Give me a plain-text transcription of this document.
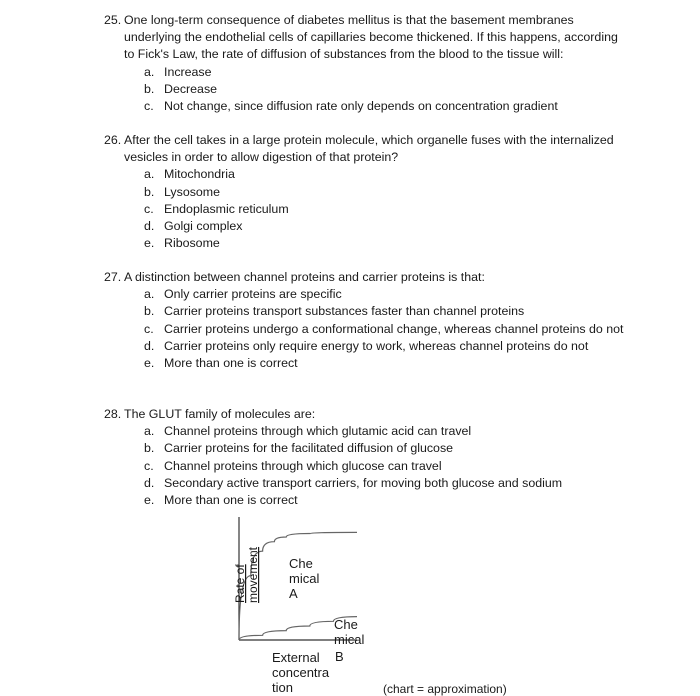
25. One long-term consequence of diabetes mellitus is that the basement membranes underlying the endothelial cells of capillaries become thickened. If this happens, according to Fick's Law, the rate of diffusion of substances from the blood to the tissue will:
a. Increase
b. Decrease
c. Not change, since diffusion rate only depends on concentration gradient
26. After the cell takes in a large protein molecule, which organelle fuses with the internalized vesicles in order to allow digestion of that protein?
a. Mitochondria
b. Lysosome
c. Endoplasmic reticulum
d. Golgi complex
e. Ribosome
27. A distinction between channel proteins and carrier proteins is that:
a. Only carrier proteins are specific
b. Carrier proteins transport substances faster than channel proteins
c. Carrier proteins undergo a conformational change, whereas channel proteins do not
d. Carrier proteins only require energy to work, whereas channel proteins do not
e. More than one is correct
28. The GLUT family of molecules are:
a. Channel proteins through which glutamic acid can travel
b. Carrier proteins for the facilitated diffusion of glucose
c. Channel proteins through which glucose can travel
d. Secondary active transport carriers, for moving both glucose and sodium
e. More than one is correct
Rate of movement Che
mical
A
Che
mical
B
External
concentra
tion	(chart = approximation)
